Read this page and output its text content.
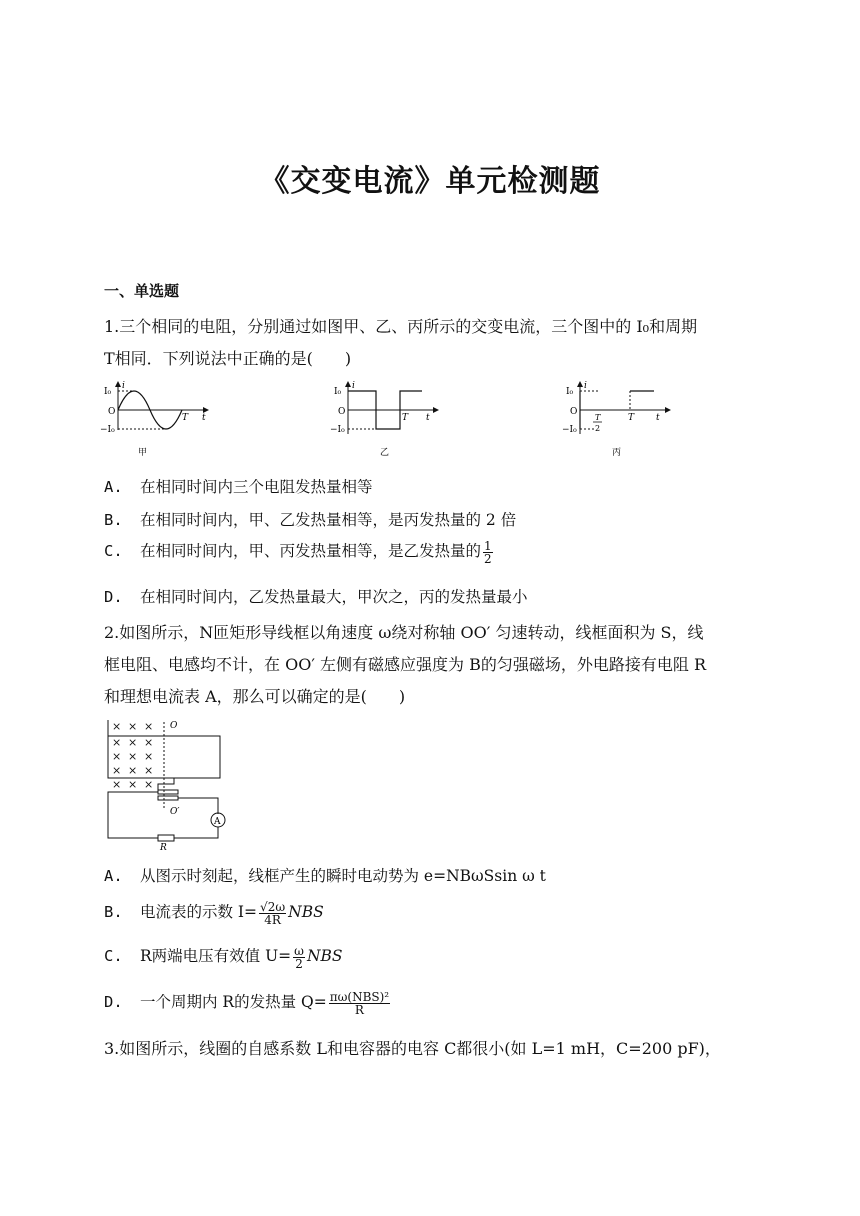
《交变电流》单元检测题
一、单选题
1.三个相同的电阻，分别通过如图甲、乙、丙所示的交变电流，三个图中的 I₀和周期
T相同．下列说法中正确的是(　　)
I₀
O
−I₀
i
T t
甲
I₀
O
−I₀
i
T t
乙
I₀
O
−I₀
i
T
2
T t
丙
A. 在相同时间内三个电阻发热量相等
B. 在相同时间内，甲、乙发热量相等，是丙发热量的 2 倍
C. 在相同时间内，甲、丙发热量相等，是乙发热量的 $\frac{1}{2}$
D. 在相同时间内，乙发热量最大，甲次之，丙的发热量最小
2.如图所示，N匝矩形导线框以角速度 ω绕对称轴 OO′ 匀速转动，线框面积为 S，线
框电阻、电感均不计，在 OO′ 左侧有磁感应强度为 B的匀强磁场，外电路接有电阻 R
和理想电流表 A，那么可以确定的是(　　)
× × ×
× × ×
× × ×
× × ×
× × ×
O
O′
A
R
A. 从图示时刻起，线框产生的瞬时电动势为 e=NBωSsin ω t
B. 电流表的示数 $I= \frac{√2\omega}{4R}$ NBS
C. R两端电压有效值 $U= \frac{\omega}{2}$ NBS
D. 一个周期内 R的发热量 $Q= \frac{\text{πω(NBS)²}}{R}$
3.如图所示，线圈的自感系数 L和电容器的电容 C都很小(如 L=1 mH，C=200 pF)，
